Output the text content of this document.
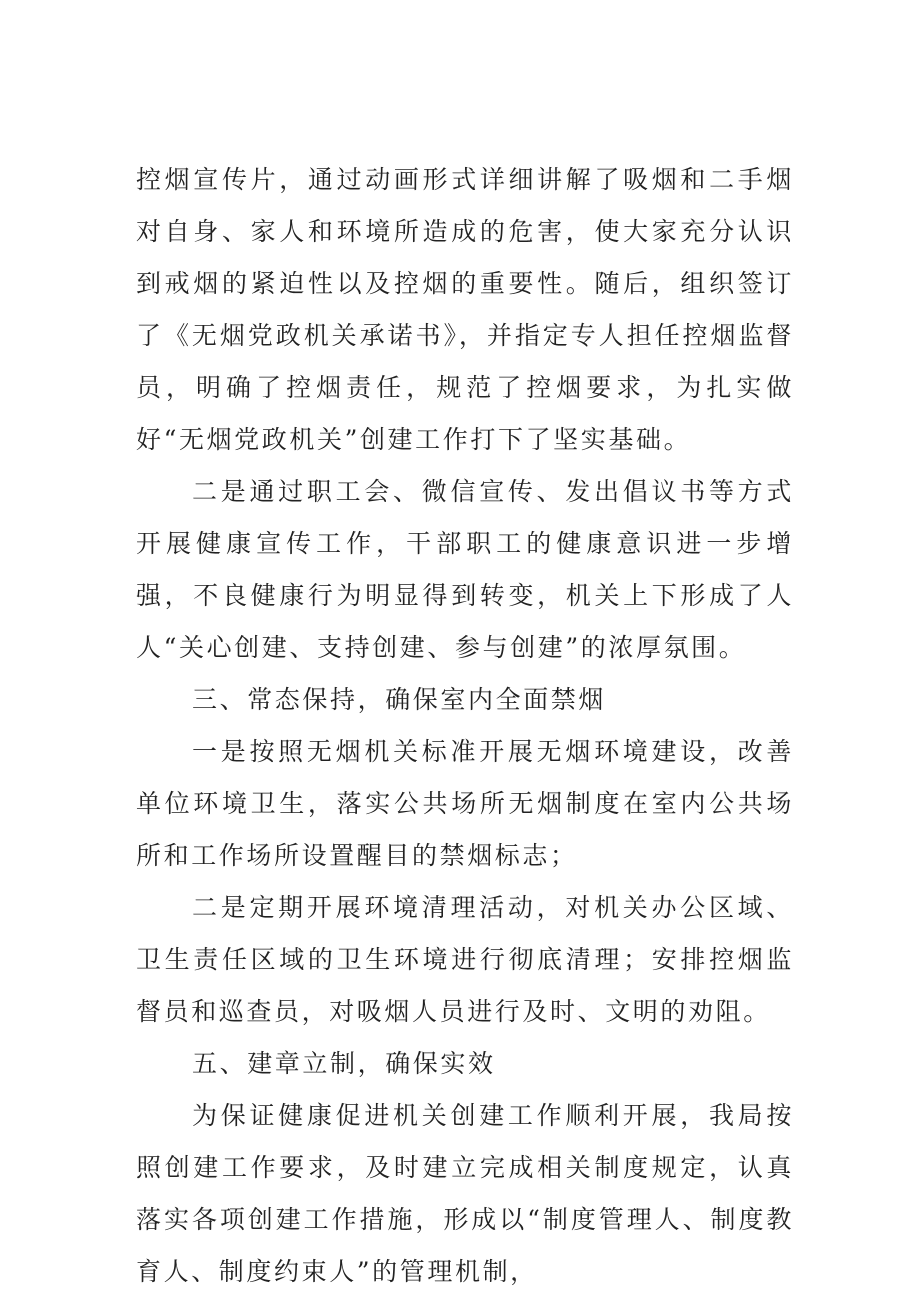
控烟宣传片，通过动画形式详细讲解了吸烟和二手烟对自身、家人和环境所造成的危害，使大家充分认识到戒烟的紧迫性以及控烟的重要性。随后，组织签订了《无烟党政机关承诺书》，并指定专人担任控烟监督员，明确了控烟责任，规范了控烟要求，为扎实做好“无烟党政机关”创建工作打下了坚实基础。

二是通过职工会、微信宣传、发出倡议书等方式开展健康宣传工作，干部职工的健康意识进一步增强，不良健康行为明显得到转变，机关上下形成了人人“关心创建、支持创建、参与创建”的浓厚氛围。

三、常态保持，确保室内全面禁烟

一是按照无烟机关标准开展无烟环境建设，改善单位环境卫生，落实公共场所无烟制度在室内公共场所和工作场所设置醒目的禁烟标志；

二是定期开展环境清理活动，对机关办公区域、卫生责任区域的卫生环境进行彻底清理；安排控烟监督员和巡查员，对吸烟人员进行及时、文明的劝阻。

五、建章立制，确保实效

为保证健康促进机关创建工作顺利开展，我局按照创建工作要求，及时建立完成相关制度规定，认真落实各项创建工作措施，形成以“制度管理人、制度教育人、制度约束人”的管理机制，
